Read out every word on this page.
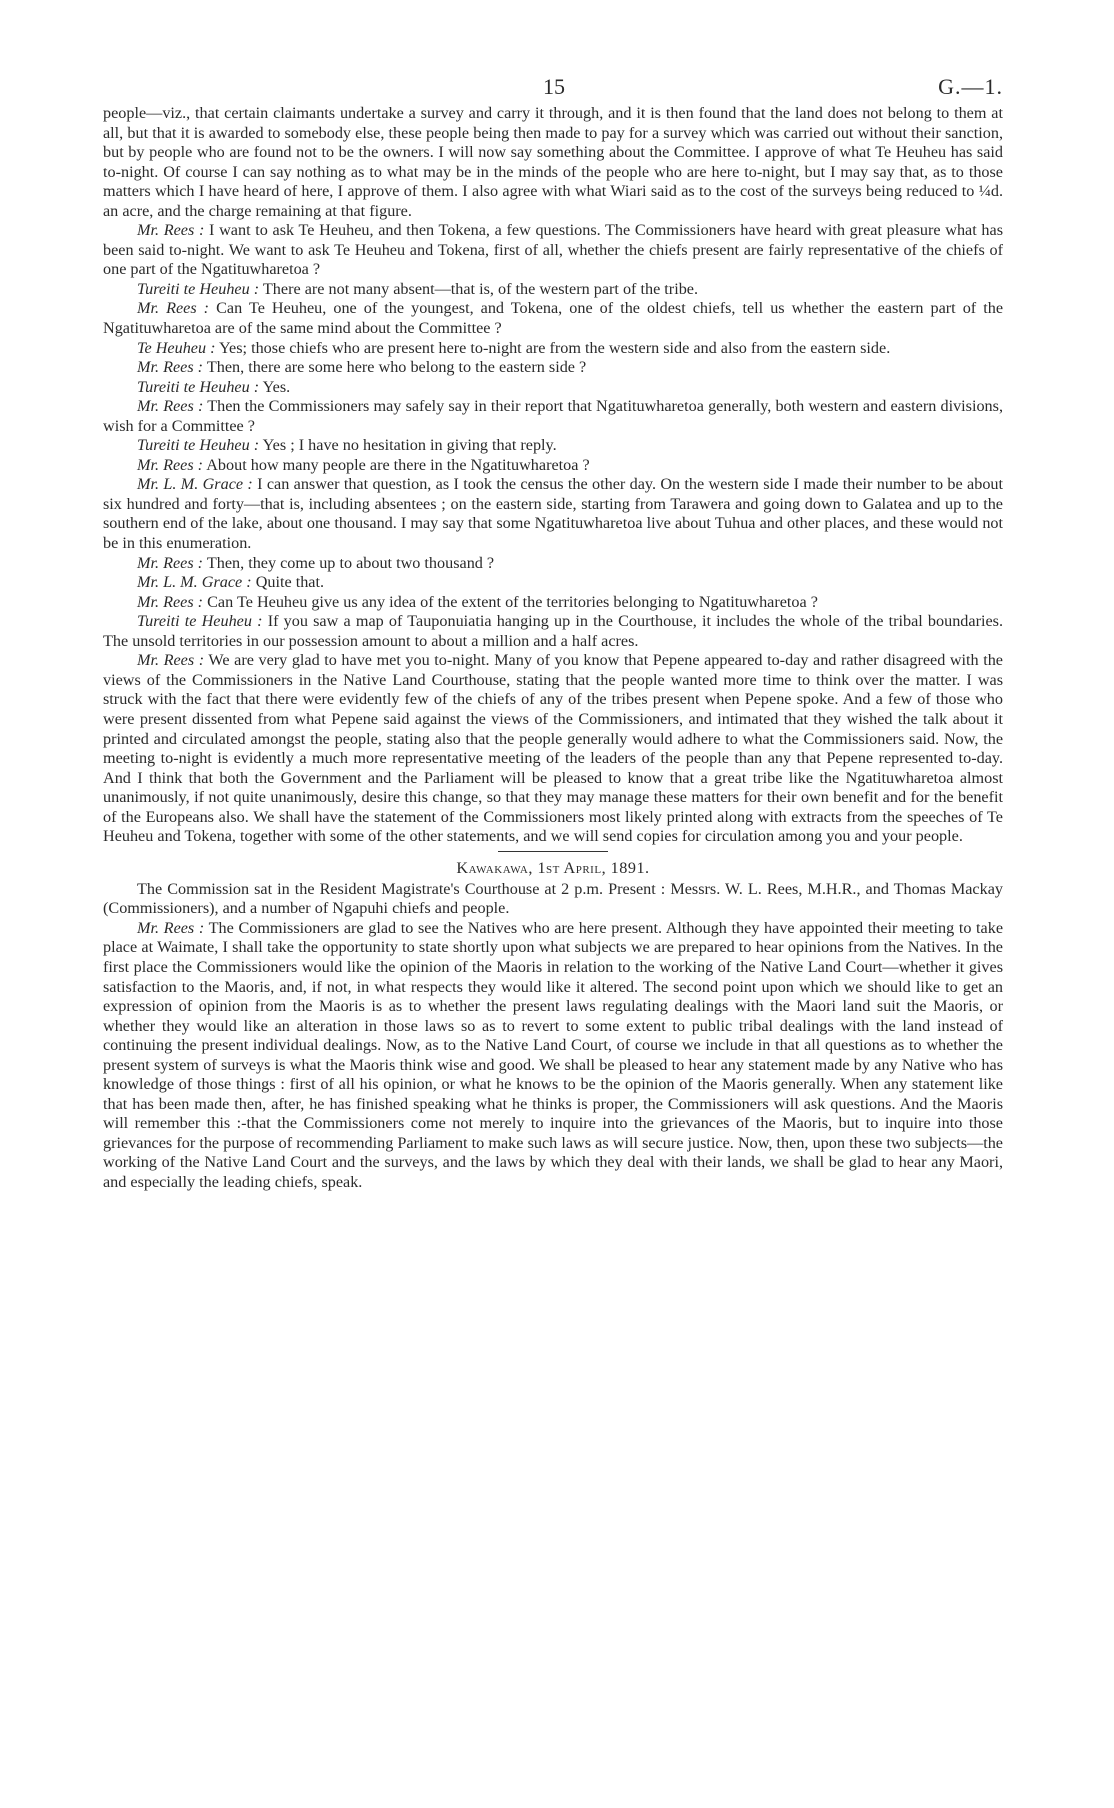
15	G.—1.

people—viz., that certain claimants undertake a survey and carry it through, and it is then found that the land does not belong to them at all, but that it is awarded to somebody else, these people being then made to pay for a survey which was carried out without their sanction, but by people who are found not to be the owners. I will now say something about the Committee. I approve of what Te Heuheu has said to-night. Of course I can say nothing as to what may be in the minds of the people who are here to-night, but I may say that, as to those matters which I have heard of here, I approve of them. I also agree with what Wiari said as to the cost of the surveys being reduced to ¼d. an acre, and the charge remaining at that figure.

Mr. Rees : I want to ask Te Heuheu, and then Tokena, a few questions. The Commissioners have heard with great pleasure what has been said to-night. We want to ask Te Heuheu and Tokena, first of all, whether the chiefs present are fairly representative of the chiefs of one part of the Ngatituwharetoa ?

Tureiti te Heuheu : There are not many absent—that is, of the western part of the tribe.

Mr. Rees : Can Te Heuheu, one of the youngest, and Tokena, one of the oldest chiefs, tell us whether the eastern part of the Ngatituwharetoa are of the same mind about the Committee ?

Te Heuheu : Yes; those chiefs who are present here to-night are from the western side and also from the eastern side.

Mr. Rees : Then, there are some here who belong to the eastern side ?

Tureiti te Heuheu : Yes.

Mr. Rees : Then the Commissioners may safely say in their report that Ngatituwharetoa generally, both western and eastern divisions, wish for a Committee ?

Tureiti te Heuheu : Yes ; I have no hesitation in giving that reply.

Mr. Rees : About how many people are there in the Ngatituwharetoa ?

Mr. L. M. Grace : I can answer that question, as I took the census the other day. On the western side I made their number to be about six hundred and forty—that is, including absentees ; on the eastern side, starting from Tarawera and going down to Galatea and up to the southern end of the lake, about one thousand. I may say that some Ngatituwharetoa live about Tuhua and other places, and these would not be in this enumeration.

Mr. Rees : Then, they come up to about two thousand ?

Mr. L. M. Grace : Quite that.

Mr. Rees : Can Te Heuheu give us any idea of the extent of the territories belonging to Ngatituwharetoa ?

Tureiti te Heuheu : If you saw a map of Tauponuiatia hanging up in the Courthouse, it includes the whole of the tribal boundaries. The unsold territories in our possession amount to about a million and a half acres.

Mr. Rees : We are very glad to have met you to-night. Many of you know that Pepene appeared to-day and rather disagreed with the views of the Commissioners in the Native Land Courthouse, stating that the people wanted more time to think over the matter. I was struck with the fact that there were evidently few of the chiefs of any of the tribes present when Pepene spoke. And a few of those who were present dissented from what Pepene said against the views of the Commissioners, and intimated that they wished the talk about it printed and circulated amongst the people, stating also that the people generally would adhere to what the Commissioners said. Now, the meeting to-night is evidently a much more representative meeting of the leaders of the people than any that Pepene represented to-day. And I think that both the Government and the Parliament will be pleased to know that a great tribe like the Ngatituwharetoa almost unanimously, if not quite unanimously, desire this change, so that they may manage these matters for their own benefit and for the benefit of the Europeans also. We shall have the statement of the Commissioners most likely printed along with extracts from the speeches of Te Heuheu and Tokena, together with some of the other statements, and we will send copies for circulation among you and your people.

Kawakawa, 1st April, 1891.

The Commission sat in the Resident Magistrate's Courthouse at 2 p.m. Present : Messrs. W. L. Rees, M.H.R., and Thomas Mackay (Commissioners), and a number of Ngapuhi chiefs and people.

Mr. Rees : The Commissioners are glad to see the Natives who are here present. Although they have appointed their meeting to take place at Waimate, I shall take the opportunity to state shortly upon what subjects we are prepared to hear opinions from the Natives. In the first place the Commissioners would like the opinion of the Maoris in relation to the working of the Native Land Court—whether it gives satisfaction to the Maoris, and, if not, in what respects they would like it altered. The second point upon which we should like to get an expression of opinion from the Maoris is as to whether the present laws regulating dealings with the Maori land suit the Maoris, or whether they would like an alteration in those laws so as to revert to some extent to public tribal dealings with the land instead of continuing the present individual dealings. Now, as to the Native Land Court, of course we include in that all questions as to whether the present system of surveys is what the Maoris think wise and good. We shall be pleased to hear any statement made by any Native who has knowledge of those things : first of all his opinion, or what he knows to be the opinion of the Maoris generally. When any statement like that has been made then, after, he has finished speaking what he thinks is proper, the Commissioners will ask questions. And the Maoris will remember this :-that the Commissioners come not merely to inquire into the grievances of the Maoris, but to inquire into those grievances for the purpose of recommending Parliament to make such laws as will secure justice. Now, then, upon these two subjects—the working of the Native Land Court and the surveys, and the laws by which they deal with their lands, we shall be glad to hear any Maori, and especially the leading chiefs, speak.
